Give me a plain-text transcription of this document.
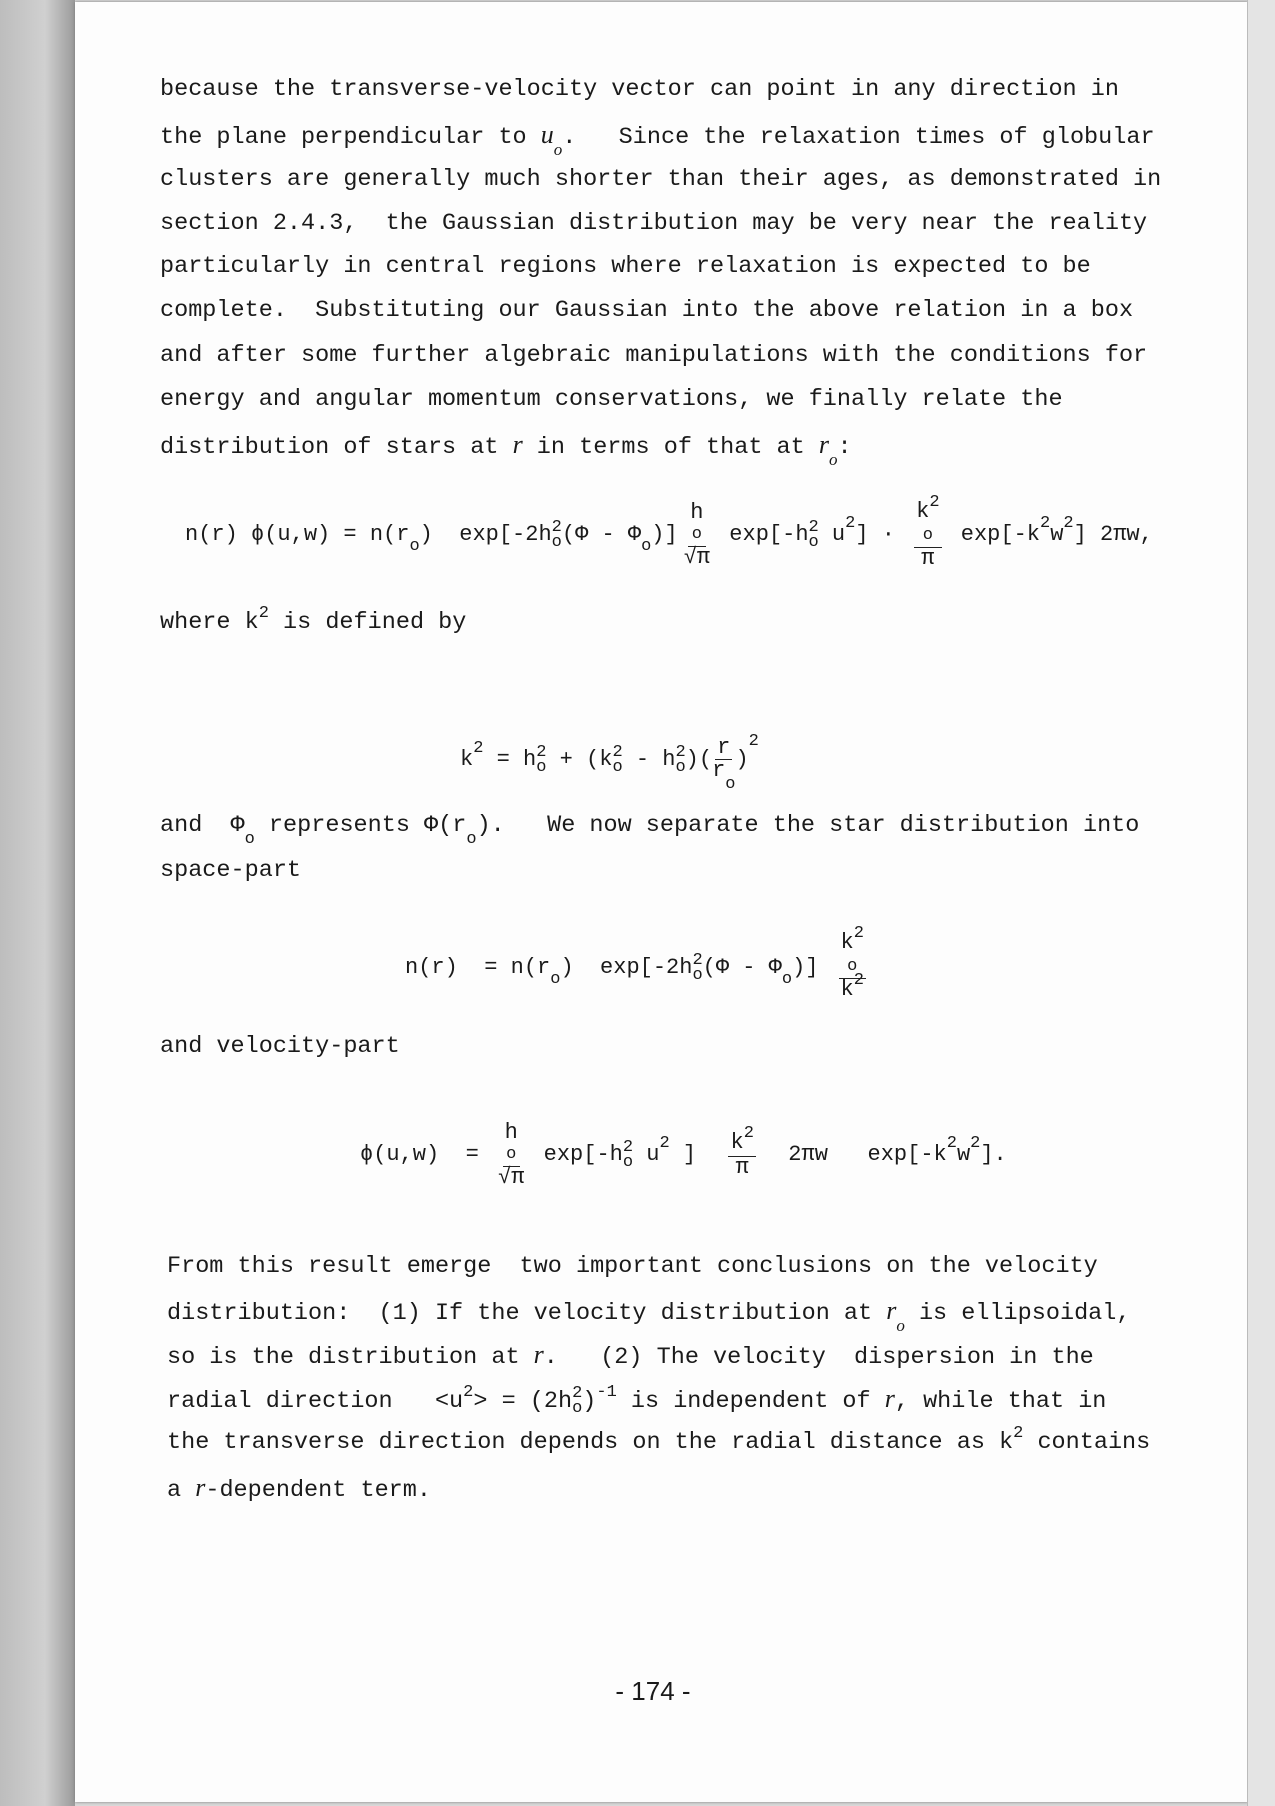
because the transverse-velocity vector can point in any direction in
the plane perpendicular to $u_o$.   Since the relaxation times of globular
clusters are generally much shorter than their ages, as demonstrated in
section 2.4.3,  the Gaussian distribution may be very near the reality
particularly in central regions where relaxation is expected to be
complete.  Substituting our Gaussian into the above relation in a box
and after some further algebraic manipulations with the conditions for
energy and angular momentum conservations, we finally relate the
distribution of stars at r in terms of that at $r_o$:
n(r) ϕ(u,w) = n(r o )  exp[-2h 2
o (Φ - Φ o )] h
o
√π exp[-h 2
o u 2 ] · $k^2$
o
π exp[-k 2 w 2 ] 2πw,
where $k^2$ is defined by
k 2 = h 2
o + (k 2
o - h 2
o )( $\frac{r}{r_o}$ )
2
and  $\Phi_o$ represents $\Phi(r_o)$.   We now separate the star distribution into
space-part
n(r)  = n(r o )  exp[-2h 2
o (Φ - Φ o )] $k^2$
o
$k^2$
and velocity-part
ϕ(u,w)  = h
o
√π exp[-h 2
o u 2 ] $\frac{k^2}{\pi} 2\pi w$   exp[-k 2 w 2 ].
From this result emerge  two important conclusions on the velocity
distribution:  (1) If the velocity distribution at $r_o$ is ellipsoidal,
so is the distribution at r.   (2) The velocity  dispersion in the
radial direction   $<u^2> = (2h$ 2
o )$^{-1}$ is independent of r, while that in
the transverse direction depends on the radial distance as $k^2$ contains
a r-dependent term.
- 174 -
